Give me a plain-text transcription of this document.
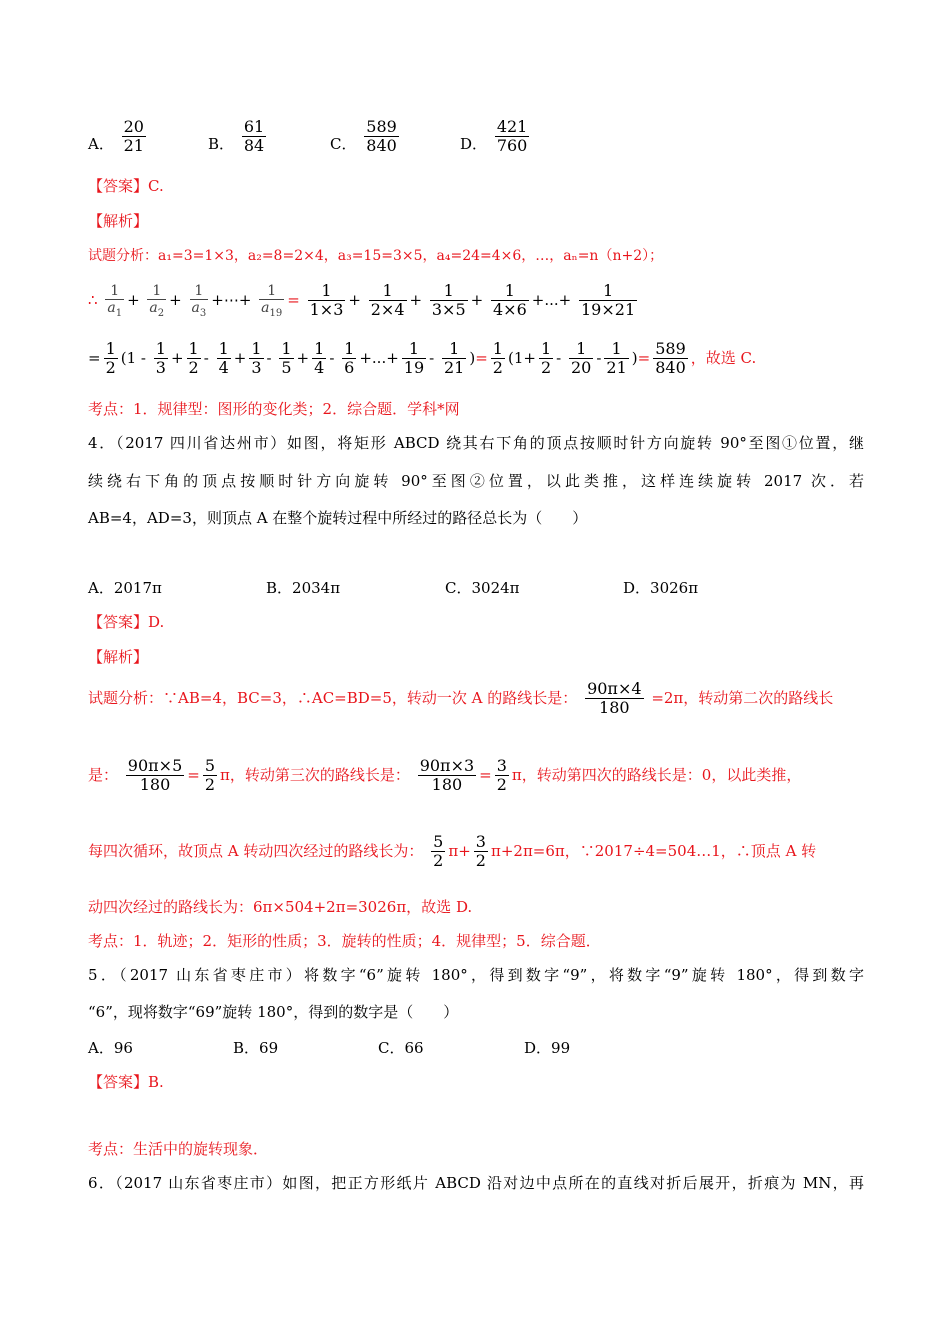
A． $\frac{20}{21}$	B． $\frac{61}{84}$	C． $\frac{589}{840}$	D． $\frac{421}{760}$
【答案】C.
【解析】
试题分析：a₁=3=1×3，a₂=8=2×4，a₃=15=3×5，a₄=24=4×6，…，aₙ=n（n+2）；
∴ $\frac{1}{a_1} + \frac{1}{a_2} + \frac{1}{a_3}$ +⋯+ $\frac{1}{a_{19}} = \frac{1}{1\times 3} + \frac{1}{2\times 4} + \frac{1}{3\times 5} + \frac{1}{4\times 6}$ +...+ $\frac{1}{19\times 21}$
= $\frac{1}{2} (1 - \frac{1}{3} + \frac{1}{2} - \frac{1}{4} + \frac{1}{3} - \frac{1}{5} + \frac{1}{4} - \frac{1}{6}$ +...+ $\frac{1}{19} - \frac{1}{21}$ )= $\frac{1}{2} (1+ \frac{1}{2} - \frac{1}{20} - \frac{1}{21}$ )= $\frac{589}{840}$ ，故选 C.
考点：1．规律型：图形的变化类；2．综合题．学科*网
4．（2017 四川省达州市）如图，将矩形 ABCD 绕其右下角的顶点按顺时针方向旋转 90°至图①位置，继
续绕右下角的顶点按顺时针方向旋转 90°至图②位置，以此类推，这样连续旋转 2017 次．若
AB=4，AD=3，则顶点 A 在整个旋转过程中所经过的路径总长为（　　）
A．2017π	B．2034π	C．3024π	D．3026π
【答案】D.
【解析】
试题分析：∵AB=4，BC=3，∴AC=BD=5，转动一次 A 的路线长是： $\frac{90\pi\times 4}{180} =2\pi$，转动第二次的路线长
是： $\frac{90\pi\times 5}{180} = \frac{5}{2}$ π，转动第三次的路线长是： $\frac{90\pi\times 3}{180} = \frac{3}{2}$ π，转动第四次的路线长是：0，以此类推，
每四次循环，故顶点 A 转动四次经过的路线长为： $\frac{5}{2} \pi+ \frac{3}{2} \pi+2\pi=6\pi$，∵2017÷4=504…1，∴顶点 A 转
动四次经过的路线长为：6π×504+2π=3026π，故选 D.
考点：1．轨迹；2．矩形的性质；3．旋转的性质；4．规律型；5．综合题．
5．（2017 山东省枣庄市）将数字“6”旋转 180°，得到数字“9”，将数字“9”旋转 180°，得到数字
“6”，现将数字“69”旋转 180°，得到的数字是（　　）
A．96	B．69	C．66	D．99
【答案】B.
考点：生活中的旋转现象．
6．（2017 山东省枣庄市）如图，把正方形纸片 ABCD 沿对边中点所在的直线对折后展开，折痕为 MN，再
